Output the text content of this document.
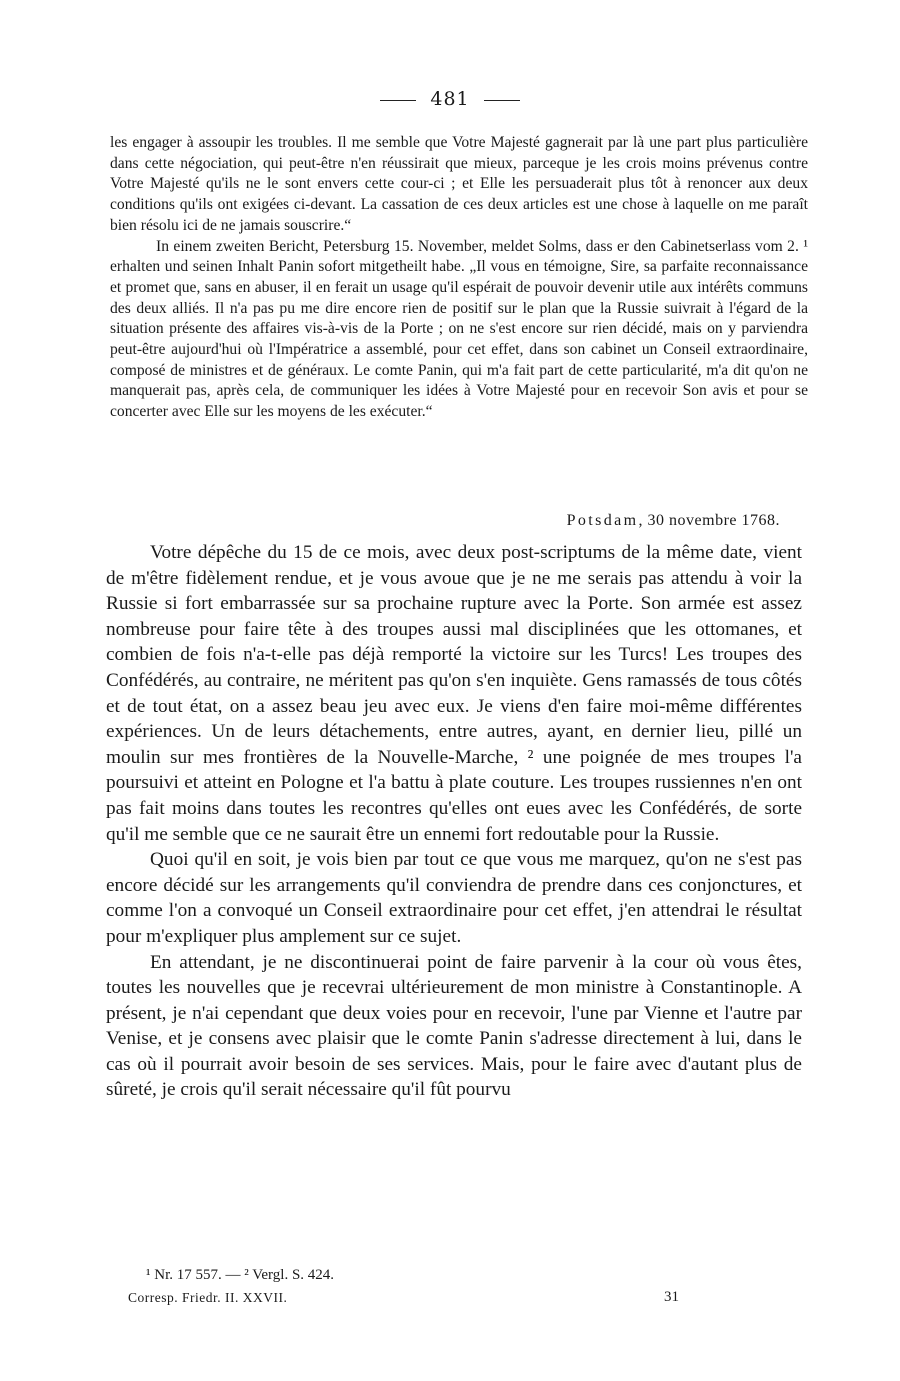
481

les engager à assoupir les troubles. Il me semble que Votre Majesté gagnerait par là une part plus particulière dans cette négociation, qui peut-être n'en réussirait que mieux, parceque je les crois moins prévenus contre Votre Majesté qu'ils ne le sont envers cette cour-ci ; et Elle les persuaderait plus tôt à renoncer aux deux conditions qu'ils ont exigées ci-devant. La cassation de ces deux articles est une chose à laquelle on me paraît bien résolu ici de ne jamais souscrire.“

In einem zweiten Bericht, Petersburg 15. November, meldet Solms, dass er den Cabinetserlass vom 2. ¹ erhalten und seinen Inhalt Panin sofort mitgetheilt habe. „Il vous en témoigne, Sire, sa parfaite reconnaissance et promet que, sans en abuser, il en ferait un usage qu'il espérait de pouvoir devenir utile aux intérêts communs des deux alliés. Il n'a pas pu me dire encore rien de positif sur le plan que la Russie suivrait à l'égard de la situation présente des affaires vis-à-vis de la Porte ; on ne s'est encore sur rien décidé, mais on y parviendra peut-être aujourd'hui où l'Impératrice a assemblé, pour cet effet, dans son cabinet un Conseil extraordinaire, composé de ministres et de généraux. Le comte Panin, qui m'a fait part de cette particularité, m'a dit qu'on ne manquerait pas, après cela, de communiquer les idées à Votre Majesté pour en recevoir Son avis et pour se concerter avec Elle sur les moyens de les exécuter.“

Potsdam, 30 novembre 1768.

Votre dépêche du 15 de ce mois, avec deux post-scriptums de la même date, vient de m'être fidèlement rendue, et je vous avoue que je ne me serais pas attendu à voir la Russie si fort embarrassée sur sa prochaine rupture avec la Porte. Son armée est assez nombreuse pour faire tête à des troupes aussi mal disciplinées que les ottomanes, et combien de fois n'a-t-elle pas déjà remporté la victoire sur les Turcs! Les troupes des Confédérés, au contraire, ne méritent pas qu'on s'en inquiète. Gens ramassés de tous côtés et de tout état, on a assez beau jeu avec eux. Je viens d'en faire moi-même différentes expériences. Un de leurs détachements, entre autres, ayant, en dernier lieu, pillé un moulin sur mes frontières de la Nouvelle-Marche, ² une poignée de mes troupes l'a poursuivi et atteint en Pologne et l'a battu à plate couture. Les troupes russiennes n'en ont pas fait moins dans toutes les recontres qu'elles ont eues avec les Confédérés, de sorte qu'il me semble que ce ne saurait être un ennemi fort redoutable pour la Russie.

Quoi qu'il en soit, je vois bien par tout ce que vous me marquez, qu'on ne s'est pas encore décidé sur les arrangements qu'il conviendra de prendre dans ces conjonctures, et comme l'on a convoqué un Conseil extraordinaire pour cet effet, j'en attendrai le résultat pour m'expliquer plus amplement sur ce sujet.

En attendant, je ne discontinuerai point de faire parvenir à la cour où vous êtes, toutes les nouvelles que je recevrai ultérieurement de mon ministre à Constantinople. A présent, je n'ai cependant que deux voies pour en recevoir, l'une par Vienne et l'autre par Venise, et je consens avec plaisir que le comte Panin s'adresse directement à lui, dans le cas où il pourrait avoir besoin de ses services. Mais, pour le faire avec d'autant plus de sûreté, je crois qu'il serait nécessaire qu'il fût pourvu

¹ Nr. 17 557. — ² Vergl. S. 424.
Corresp. Friedr. II. XXVII.	31
